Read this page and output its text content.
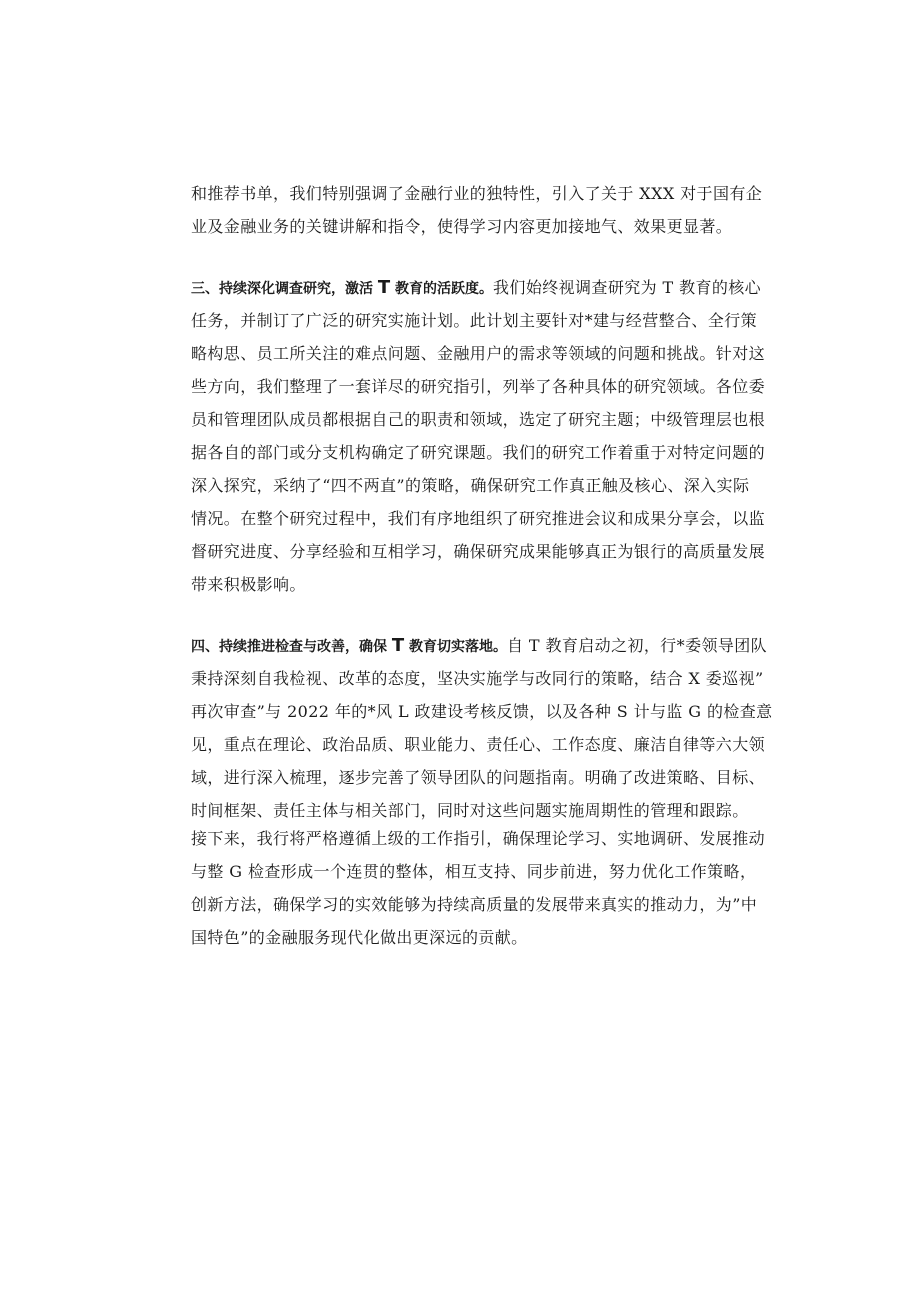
和推荐书单，我们特别强调了金融行业的独特性，引入了关于 XXX 对于国有企
业及金融业务的关键讲解和指令，使得学习内容更加接地气、效果更显著。
三、持续深化调查研究，激活 T 教育的活跃度。我们始终视调查研究为 T 教育的核心
任务，并制订了广泛的研究实施计划。此计划主要针对*建与经营整合、全行策
略构思、员工所关注的难点问题、金融用户的需求等领域的问题和挑战。针对这
些方向，我们整理了一套详尽的研究指引，列举了各种具体的研究领域。各位委
员和管理团队成员都根据自己的职责和领域，选定了研究主题；中级管理层也根
据各自的部门或分支机构确定了研究课题。我们的研究工作着重于对特定问题的
深入探究，采纳了“四不两直”的策略，确保研究工作真正触及核心、深入实际
情况。在整个研究过程中，我们有序地组织了研究推进会议和成果分享会，以监
督研究进度、分享经验和互相学习，确保研究成果能够真正为银行的高质量发展
带来积极影响。
四、持续推进检查与改善，确保 T 教育切实落地。自 T 教育启动之初，行*委领导团队
秉持深刻自我检视、改革的态度，坚决实施学与改同行的策略，结合 X 委巡视”
再次审查”与 2022 年的*风 L 政建设考核反馈，以及各种 S 计与监 G 的检查意
见，重点在理论、政治品质、职业能力、责任心、工作态度、廉洁自律等六大领
域，进行深入梳理，逐步完善了领导团队的问题指南。明确了改进策略、目标、
时间框架、责任主体与相关部门，同时对这些问题实施周期性的管理和跟踪。
接下来，我行将严格遵循上级的工作指引，确保理论学习、实地调研、发展推动
与整 G 检查形成一个连贯的整体，相互支持、同步前进，努力优化工作策略，
创新方法，确保学习的实效能够为持续高质量的发展带来真实的推动力，为”中
国特色”的金融服务现代化做出更深远的贡献。
